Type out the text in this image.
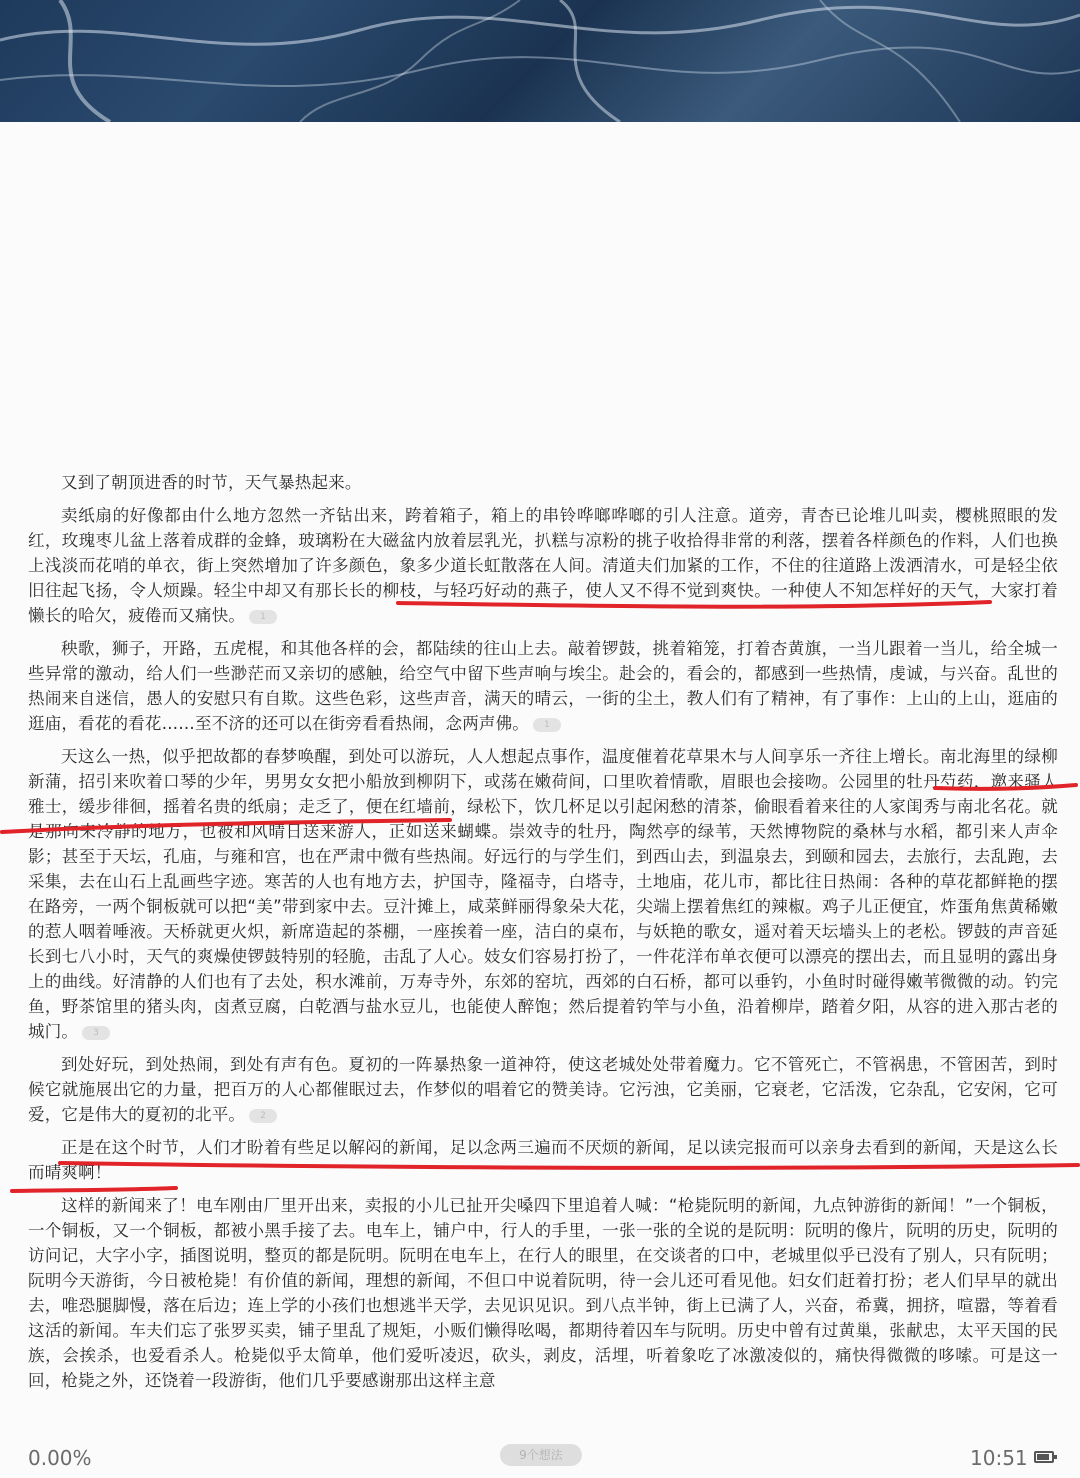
又到了朝顶进香的时节，天气暴热起来。

卖纸扇的好像都由什么地方忽然一齐钻出来，跨着箱子，箱上的串铃哗啷哗啷的引人注意。道旁，青杏已论堆儿叫卖，樱桃照眼的发红，玫瑰枣儿盆上落着成群的金蜂，玻璃粉在大磁盆内放着层乳光，扒糕与凉粉的挑子收拾得非常的利落，摆着各样颜色的作料，人们也换上浅淡而花哨的单衣，街上突然增加了许多颜色，象多少道长虹散落在人间。清道夫们加紧的工作，不住的往道路上泼洒清水，可是轻尘依旧往起飞扬，令人烦躁。轻尘中却又有那长长的柳枝，与轻巧好动的燕子，使人又不得不觉到爽快。一种使人不知怎样好的天气，大家打着懒长的哈欠，疲倦而又痛快。 1

秧歌，狮子，开路，五虎棍，和其他各样的会，都陆续的往山上去。敲着锣鼓，挑着箱笼，打着杏黄旗，一当儿跟着一当儿，给全城一些异常的激动，给人们一些渺茫而又亲切的感触，给空气中留下些声响与埃尘。赴会的，看会的，都感到一些热情，虔诚，与兴奋。乱世的热闹来自迷信，愚人的安慰只有自欺。这些色彩，这些声音，满天的晴云，一街的尘土，教人们有了精神，有了事作：上山的上山，逛庙的逛庙，看花的看花……至不济的还可以在街旁看看热闹，念两声佛。 1

天这么一热，似乎把故都的春梦唤醒，到处可以游玩，人人想起点事作，温度催着花草果木与人间享乐一齐往上增长。南北海里的绿柳新蒲，招引来吹着口琴的少年，男男女女把小船放到柳阴下，或荡在嫩荷间，口里吹着情歌，眉眼也会接吻。公园里的牡丹芍药，邀来骚人雅士，缓步徘徊，摇着名贵的纸扇；走乏了，便在红墙前，绿松下，饮几杯足以引起闲愁的清茶，偷眼看着来往的人家闺秀与南北名花。就是那向来冷静的地方，也被和风晴日送来游人，正如送来蝴蝶。崇效寺的牡丹，陶然亭的绿苇，天然博物院的桑林与水稻，都引来人声伞影；甚至于天坛，孔庙，与雍和宫，也在严肃中微有些热闹。好远行的与学生们，到西山去，到温泉去，到颐和园去，去旅行，去乱跑，去采集，去在山石上乱画些字迹。寒苦的人也有地方去，护国寺，隆福寺，白塔寺，土地庙，花儿市，都比往日热闹：各种的草花都鲜艳的摆在路旁，一两个铜板就可以把“美”带到家中去。豆汁摊上，咸菜鲜丽得象朵大花，尖端上摆着焦红的辣椒。鸡子儿正便宜，炸蛋角焦黄稀嫩的惹人咽着唾液。天桥就更火炽，新席造起的茶棚，一座挨着一座，洁白的桌布，与妖艳的歌女，遥对着天坛墙头上的老松。锣鼓的声音延长到七八小时，天气的爽燥使锣鼓特别的轻脆，击乱了人心。妓女们容易打扮了，一件花洋布单衣便可以漂亮的摆出去，而且显明的露出身上的曲线。好清静的人们也有了去处，积水滩前，万寿寺外，东郊的窑坑，西郊的白石桥，都可以垂钓，小鱼时时碰得嫩苇微微的动。钓完鱼，野茶馆里的猪头肉，卤煮豆腐，白乾酒与盐水豆儿，也能使人醉饱；然后提着钓竿与小鱼，沿着柳岸，踏着夕阳，从容的进入那古老的城门。 3

到处好玩，到处热闹，到处有声有色。夏初的一阵暴热象一道神符，使这老城处处带着魔力。它不管死亡，不管祸患，不管困苦，到时候它就施展出它的力量，把百万的人心都催眠过去，作梦似的唱着它的赞美诗。它污浊，它美丽，它衰老，它活泼，它杂乱，它安闲，它可爱，它是伟大的夏初的北平。 2

正是在这个时节，人们才盼着有些足以解闷的新闻，足以念两三遍而不厌烦的新闻，足以读完报而可以亲身去看到的新闻，天是这么长而晴爽啊！

这样的新闻来了！电车刚由厂里开出来，卖报的小儿已扯开尖嗓四下里追着人喊：“枪毙阮明的新闻，九点钟游街的新闻！”一个铜板，一个铜板，又一个铜板，都被小黑手接了去。电车上，铺户中，行人的手里，一张一张的全说的是阮明：阮明的像片，阮明的历史，阮明的访问记，大字小字，插图说明，整页的都是阮明。阮明在电车上，在行人的眼里，在交谈者的口中，老城里似乎已没有了别人，只有阮明；阮明今天游街，今日被枪毙！有价值的新闻，理想的新闻，不但口中说着阮明，待一会儿还可看见他。妇女们赶着打扮；老人们早早的就出去，唯恐腿脚慢，落在后边；连上学的小孩们也想逃半天学，去见识见识。到八点半钟，街上已满了人，兴奋，希冀，拥挤，喧嚣，等着看这活的新闻。车夫们忘了张罗买卖，铺子里乱了规矩，小贩们懒得吆喝，都期待着囚车与阮明。历史中曾有过黄巢，张献忠，太平天国的民族，会挨杀，也爱看杀人。枪毙似乎太简单，他们爱听凌迟，砍头，剥皮，活埋，听着象吃了冰激凌似的，痛快得微微的哆嗦。可是这一回，枪毙之外，还饶着一段游街，他们几乎要感谢那出这样主意

0.00%	9个想法	10:51
